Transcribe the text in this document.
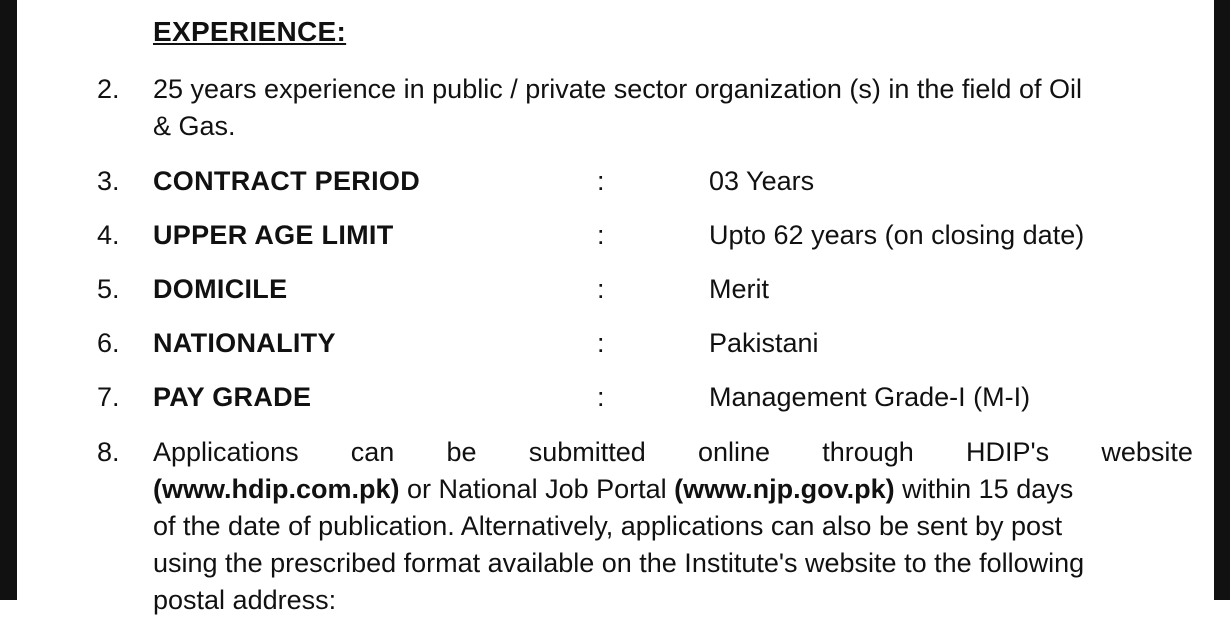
EXPERIENCE:
2. 25 years experience in public / private sector organization (s) in the field of Oil
& Gas.
3. CONTRACT PERIOD	:	03 Years
4. UPPER AGE LIMIT	:	Upto 62 years (on closing date)
5. DOMICILE	:	Merit
6. NATIONALITY	:	Pakistani
7. PAY GRADE	:	Management Grade-I (M-I)
8. Applications can be submitted online through HDIP's website
(www.hdip.com.pk) or National Job Portal (www.njp.gov.pk) within 15 days
of the date of publication. Alternatively, applications can also be sent by post
using the prescribed format available on the Institute's website to the following
postal address:
